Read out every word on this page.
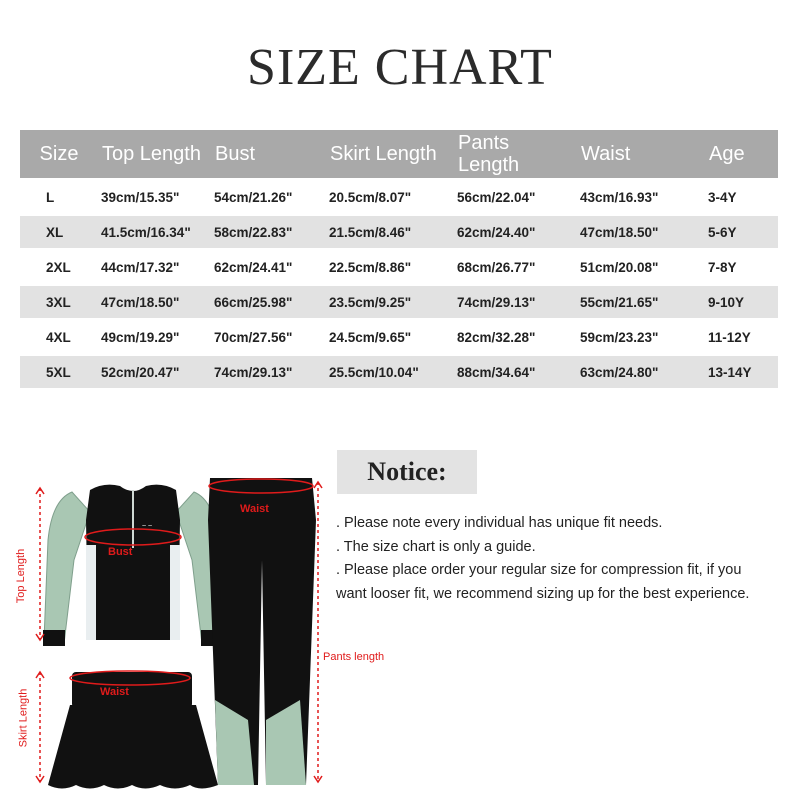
SIZE CHART
Size	Top Length	Bust	Skirt Length	Pants Length	Waist	Age
L	39cm/15.35"	54cm/21.26"	20.5cm/8.07"	56cm/22.04"	43cm/16.93"	3-4Y
XL	41.5cm/16.34"	58cm/22.83"	21.5cm/8.46"	62cm/24.40"	47cm/18.50"	5-6Y
2XL	44cm/17.32"	62cm/24.41"	22.5cm/8.86"	68cm/26.77"	51cm/20.08"	7-8Y
3XL	47cm/18.50"	66cm/25.98"	23.5cm/9.25"	74cm/29.13"	55cm/21.65"	9-10Y
4XL	49cm/19.29"	70cm/27.56"	24.5cm/9.65"	82cm/32.28"	59cm/23.23"	11-12Y
5XL	52cm/20.47"	74cm/29.13"	25.5cm/10.04"	88cm/34.64"	63cm/24.80"	13-14Y
~ ~
Bust
Waist
Waist
Top Length
Skirt Length
Pants length
Notice:
. Please note every individual has unique fit needs.
. The size chart is only a guide.
. Please place order your regular size for compression fit, if you want looser fit, we recommend sizing up for the best experience.
